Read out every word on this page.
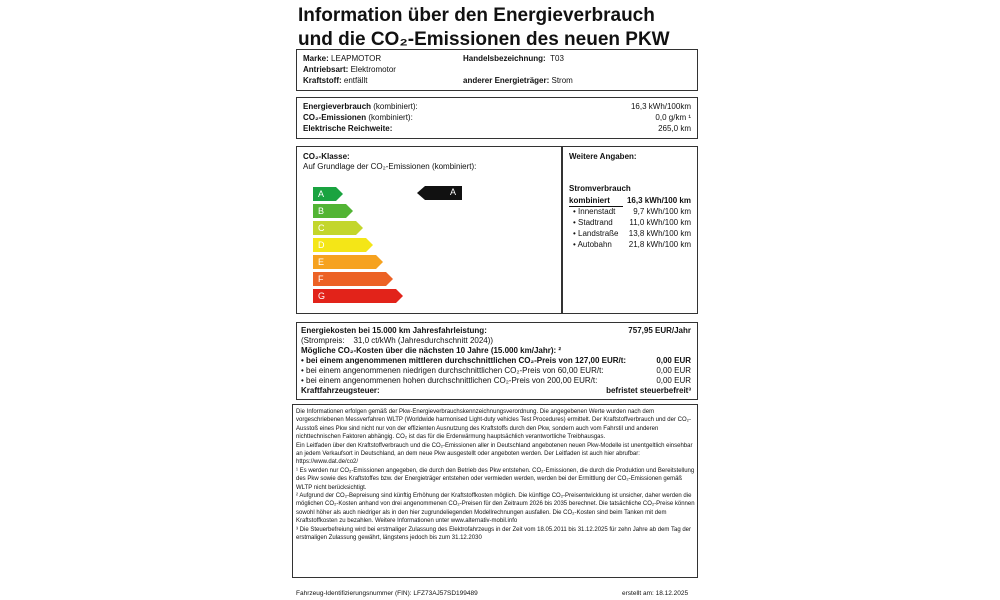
Information über den Energieverbrauch
und die CO₂-Emissionen des neuen PKW
Marke: LEAPMOTOR
Antriebsart: Elektromotor
Kraftstoff: entfällt
Handelsbezeichnung: T03
anderer Energieträger: Strom
Energieverbrauch (kombiniert):	16,3 kWh/100km
CO₂-Emissionen (kombiniert):	0,0 g/km ¹
Elektrische Reichweite:	265,0 km
CO₂-Klasse:
Auf Grundlage der CO₂-Emissionen (kombiniert):
A
B
C
D
E
F
G
A
Weitere Angaben:
Stromverbrauch
kombiniert 16,3 kWh/100 km
• Innenstadt 9,7 kWh/100 km
• Stadtrand 11,0 kWh/100 km
• Landstraße 13,8 kWh/100 km
• Autobahn 21,8 kWh/100 km
Energiekosten bei 15.000 km Jahresfahrleistung:	757,95 EUR/Jahr
(Strompreis: 31,0 ct/kWh (Jahresdurchschnitt 2024))
Mögliche CO₂-Kosten über die nächsten 10 Jahre (15.000 km/Jahr): ²
• bei einem angenommenen mittleren durchschnittlichen CO₂-Preis von 127,00 EUR/t:	0,00 EUR
• bei einem angenommenen niedrigen durchschnittlichen CO₂-Preis von 60,00 EUR/t:	0,00 EUR
• bei einem angenommenen hohen durchschnittlichen CO₂-Preis von 200,00 EUR/t:	0,00 EUR
Kraftfahrzeugsteuer:	befristet steuerbefreit³

Die Informationen erfolgen gemäß der Pkw-Energieverbrauchskennzeichnungsverordnung. Die angegebenen Werte wurden nach dem vorgeschriebenen Messverfahren WLTP (Worldwide harmonised Light-duty vehicles Test Procedures) ermittelt. Der Kraftstoffverbrauch und der CO₂-Ausstoß eines Pkw sind nicht nur von der effizienten Ausnutzung des Kraftstoffs durch den Pkw, sondern auch vom Fahrstil und anderen nichttechnischen Faktoren abhängig. CO₂ ist das für die Erderwärmung hauptsächlich verantwortliche Treibhausgas.

Ein Leitfaden über den Kraftstoffverbrauch und die CO₂-Emissionen aller in Deutschland angebotenen neuen Pkw-Modelle ist unentgeltlich einsehbar an jedem Verkaufsort in Deutschland, an dem neue Pkw ausgestellt oder angeboten werden. Der Leitfaden ist auch hier abrufbar: https://www.dat.de/co2/

¹ Es werden nur CO₂-Emissionen angegeben, die durch den Betrieb des Pkw entstehen. CO₂-Emissionen, die durch die Produktion und Bereitstellung des Pkw sowie des Kraftstoffes bzw. der Energieträger entstehen oder vermieden werden, werden bei der Ermittlung der CO₂-Emissionen gemäß WLTP nicht berücksichtigt.

² Aufgrund der CO₂-Bepreisung sind künftig Erhöhung der Kraftstoffkosten möglich. Die künftige CO₂-Preisentwicklung ist unsicher, daher werden die möglichen CO₂-Kosten anhand von drei angenommenen CO₂-Preisen für den Zeitraum 2026 bis 2035 berechnet. Die tatsächliche CO₂-Preise können sowohl höher als auch niedriger als in den hier zugrundeliegenden Modellrechnungen ausfallen. Die CO₂-Kosten sind beim Tanken mit dem Kraftstoffkosten zu bezahlen. Weitere Informationen unter www.alternativ-mobil.info

³ Die Steuerbefreiung wird bei erstmaliger Zulassung des Elektrofahrzeugs in der Zeit vom 18.05.2011 bis 31.12.2025 für zehn Jahre ab dem Tag der erstmaligen Zulassung gewährt, längstens jedoch bis zum 31.12.2030

Fahrzeug-Identifizierungsnummer (FIN): LFZ73AJ57SD199489	erstellt am: 18.12.2025
